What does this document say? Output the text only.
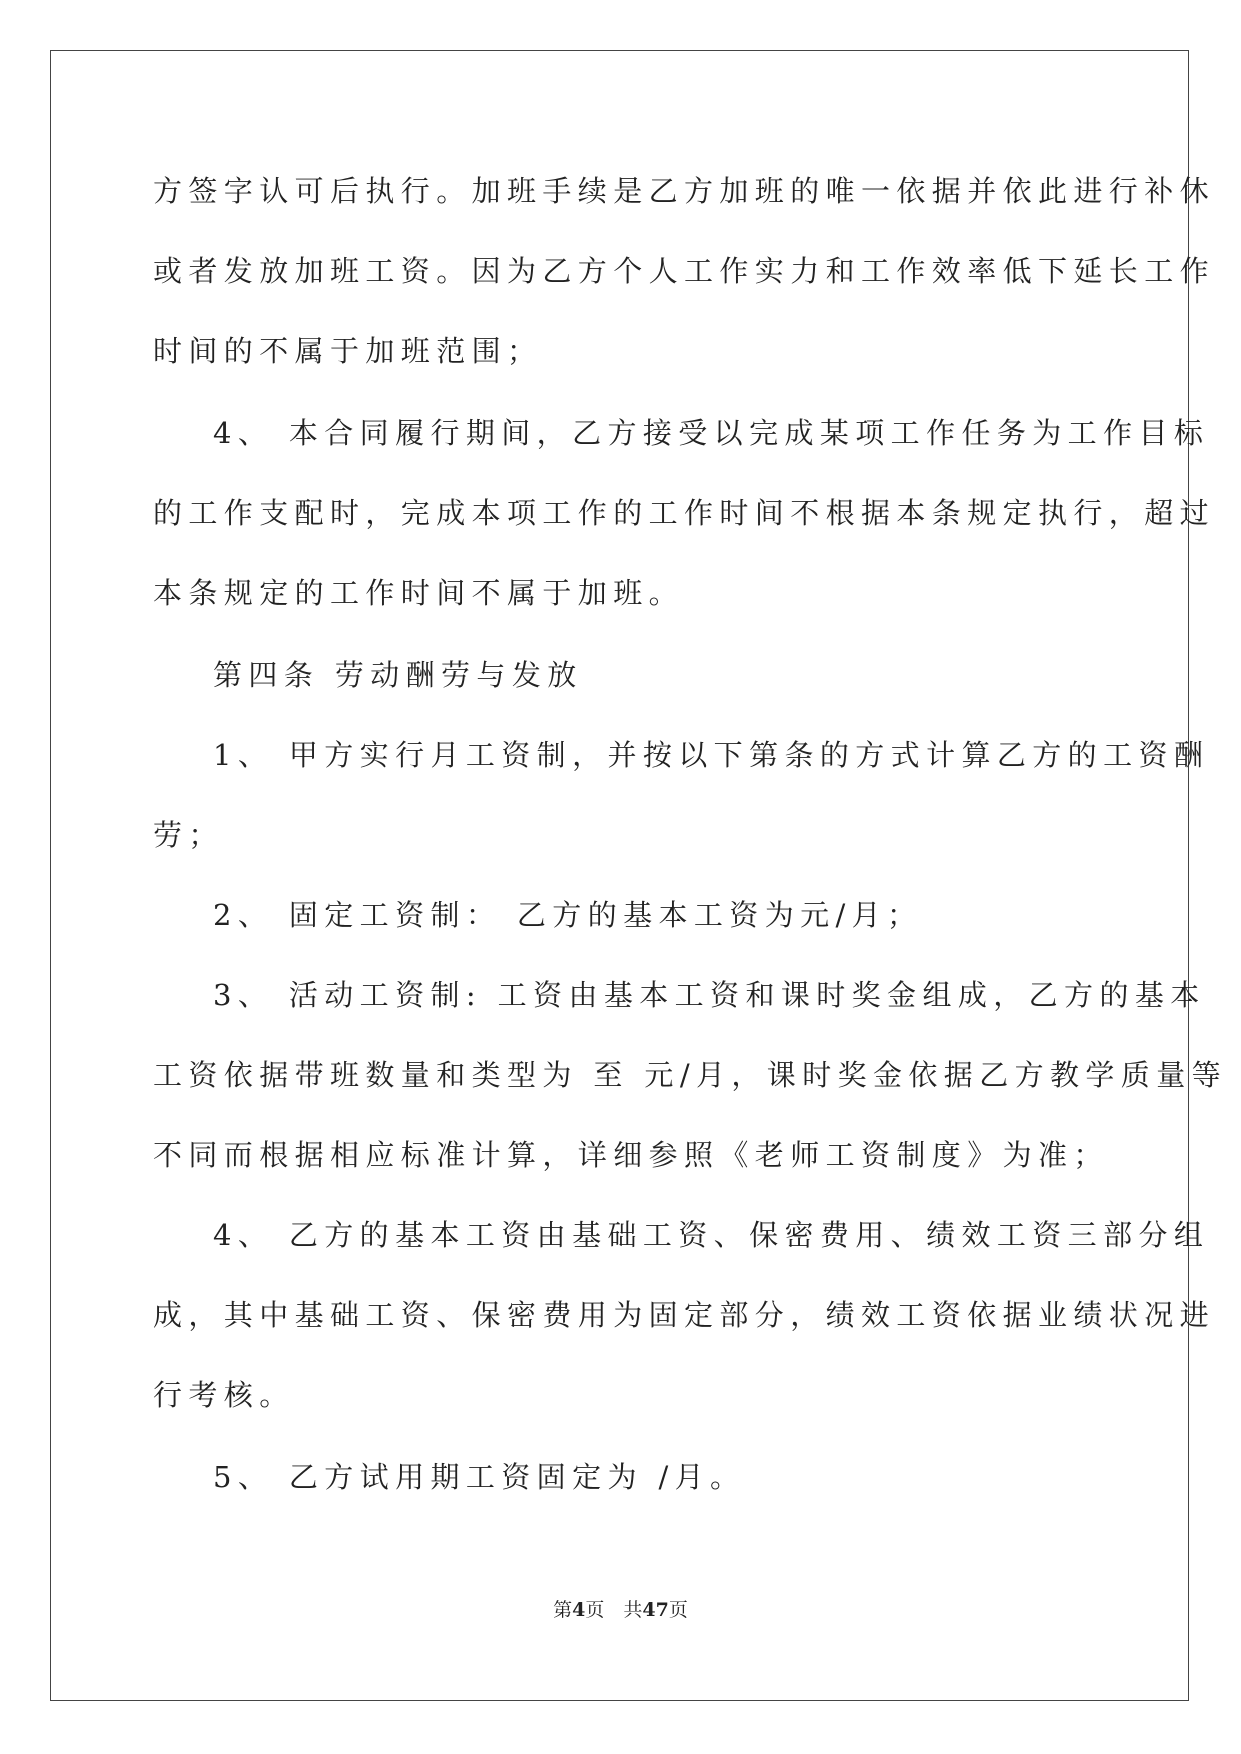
方签字认可后执行。加班手续是乙方加班的唯一依据并依此进行补休
或者发放加班工资。因为乙方个人工作实力和工作效率低下延长工作
时间的不属于加班范围；
4、 本合同履行期间，乙方接受以完成某项工作任务为工作目标
的工作支配时，完成本项工作的工作时间不根据本条规定执行，超过
本条规定的工作时间不属于加班。
第四条 劳动酬劳与发放
1、 甲方实行月工资制，并按以下第条的方式计算乙方的工资酬
劳；
2、 固定工资制： 乙方的基本工资为元/月；
3、 活动工资制: 工资由基本工资和课时奖金组成，乙方的基本
工资依据带班数量和类型为 至 元/月，课时奖金依据乙方教学质量等
不同而根据相应标准计算，详细参照《老师工资制度》为准；
4、 乙方的基本工资由基础工资、保密费用、绩效工资三部分组
成，其中基础工资、保密费用为固定部分，绩效工资依据业绩状况进
行考核。
5、 乙方试用期工资固定为 /月。
第4页　共47页
